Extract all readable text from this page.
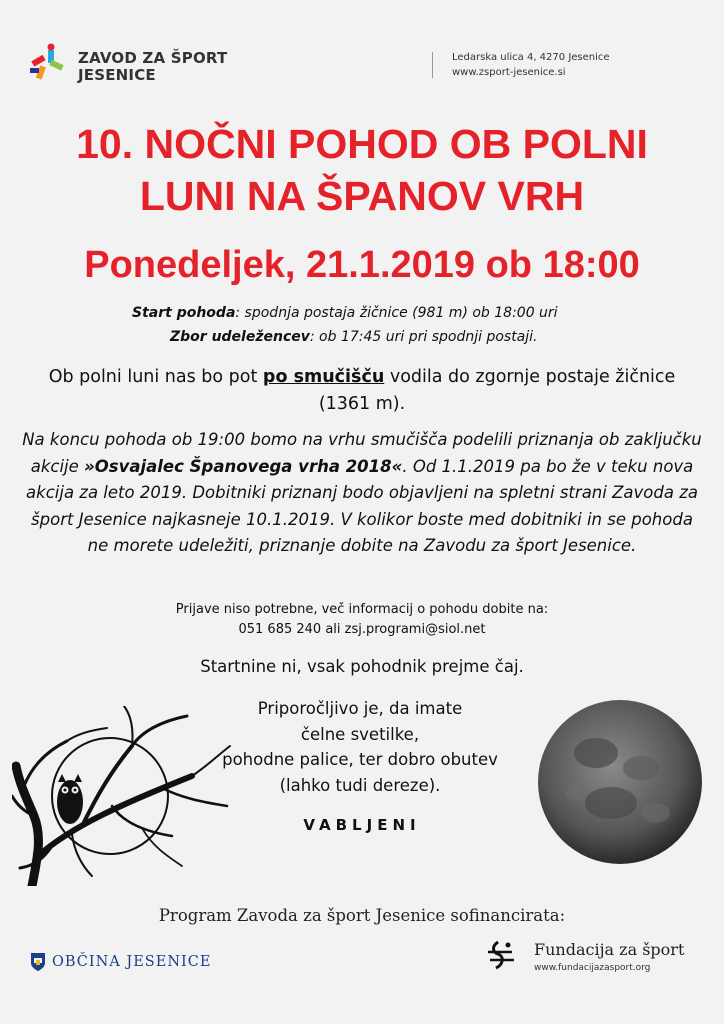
ZAVOD ZA ŠPORT
JESENICE
Ledarska ulica 4, 4270 Jesenice
www.zsport-jesenice.si
10. NOČNI POHOD OB POLNI
LUNI NA ŠPANOV VRH
Ponedeljek, 21.1.2019 ob 18:00
Start pohoda: spodnja postaja žičnice (981 m) ob 18:00 uri
Zbor udeležencev: ob 17:45 uri pri spodnji postaji.
Ob polni luni nas bo pot po smučišču vodila do zgornje postaje žičnice (1361 m).
Na koncu pohoda ob 19:00 bomo na vrhu smučišča podelili priznanja ob zaključku akcije »Osvajalec Španovega vrha 2018«. Od 1.1.2019 pa bo že v teku nova akcija za leto 2019. Dobitniki priznanj bodo objavljeni na spletni strani Zavoda za šport Jesenice najkasneje 10.1.2019. V kolikor boste med dobitniki in se pohoda ne morete udeležiti, priznanje dobite na Zavodu za šport Jesenice.
Prijave niso potrebne, več informacij o pohodu dobite na:
051 685 240 ali zsj.programi@siol.net
Startnine ni, vsak pohodnik prejme čaj.
Priporočljivo je, da imate
čelne svetilke,
pohodne palice, ter dobro obutev
(lahko tudi dereze).
VABLJENI
Program Zavoda za šport Jesenice sofinancirata:
OBČINA JESENICE
Fundacija za šport
www.fundacijazasport.org
